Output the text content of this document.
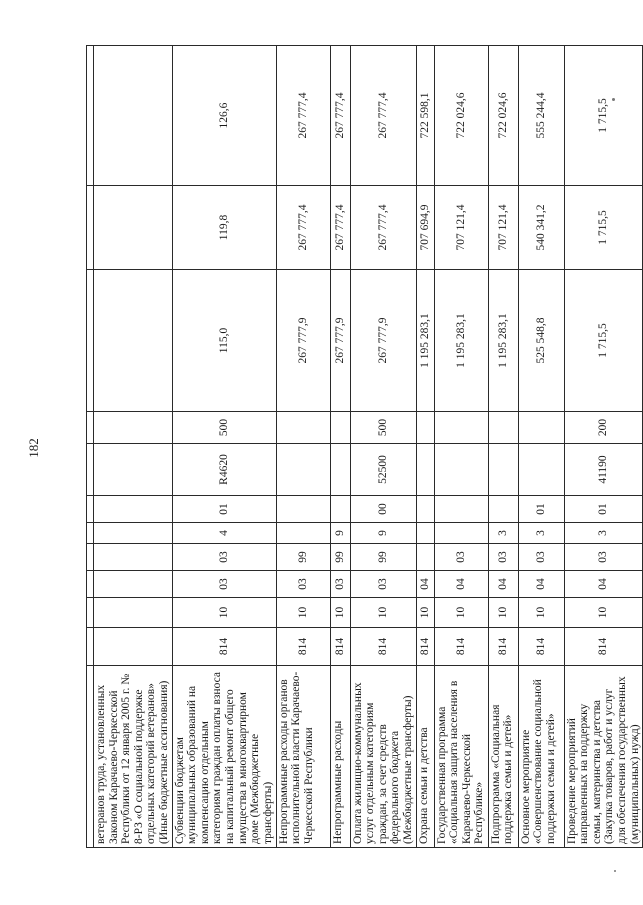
182

ветеранов труда, установленных Законом Карачаево-Черкесской Республики от 12 января 2005 г. № 8-РЗ «О социальной поддержке отдельных категорий ветеранов» (Иные бюджетные ассигнования)											
Субвенции бюджетам муниципальных образований на компенсацию отдельным категориям граждан оплаты взноса на капитальный ремонт общего имущества в многоквартирном доме (Межбюджетные трансферты)	814	10	03	03	4	01	R4620	500	115,0	119,8	126,6
Непрограммные расходы органов исполнительной власти Карачаево-Черкесской Республики	814	10	03	99					267 777,9	267 777,4	267 777,4
Непрограммные расходы	814	10	03	99	9				267 777,9	267 777,4	267 777,4
Оплата жилищно-коммунальных услуг отдельным категориям граждан, за счет средств федерального бюджета (Межбюджетные трансферты)	814	10	03	99	9	00	52500	500	267 777,9	267 777,4	267 777,4
Охрана семьи и детства	814	10	04						1 195 283,1	707 694,9	722 598,1
Государственная программа «Социальная защита населения в Карачаево-Черкесской Республике»	814	10	04	03					1 195 283,1	707 121,4	722 024,6
Подпрограмма «Социальная поддержка семьи и детей»	814	10	04	03	3				1 195 283,1	707 121,4	722 024,6
Основное мероприятие «Совершенствование социальной поддержки семьи и детей»	814	10	04	03	3	01			525 548,8	540 341,2	555 244,4
Проведение мероприятий направленных на поддержку семьи, материнства и детства (Закупка товаров, работ и услуг для обеспечения государственных (муниципальных) нужд)	814	10	04	03	3	01	41190	200	1 715,5	1 715,5	1 715,5
